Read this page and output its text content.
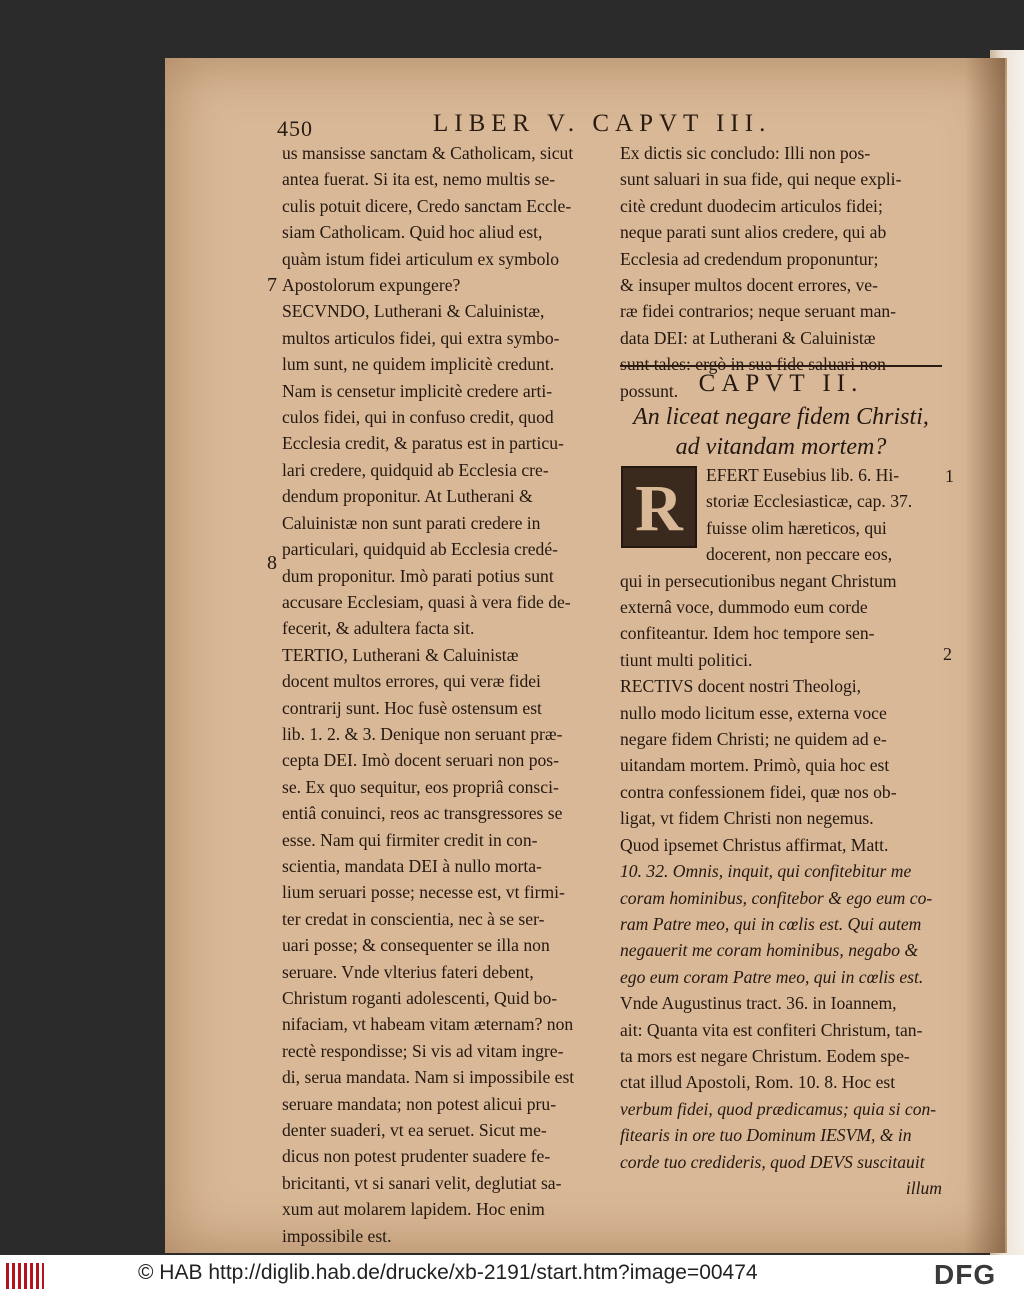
450	LIBER V. CAPVT III.
us mansisse sanctam & Catholicam, sicut
antea fuerat. Si ita est, nemo multis se-
culis potuit dicere, Credo sanctam Eccle-
siam Catholicam. Quid hoc aliud est,
quàm istum fidei articulum ex symbolo
Apostolorum expungere?
SECVNDO, Lutherani & Caluinistæ,
multos articulos fidei, qui extra symbo-
lum sunt, ne quidem implicitè credunt.
Nam is censetur implicitè credere arti-
culos fidei, qui in confuso credit, quod
Ecclesia credit, & paratus est in particu-
lari credere, quidquid ab Ecclesia cre-
dendum proponitur. At Lutherani &
Caluinistæ non sunt parati credere in
particulari, quidquid ab Ecclesia credé-
dum proponitur. Imò parati potius sunt
accusare Ecclesiam, quasi à vera fide de-
fecerit, & adultera facta sit.
TERTIO, Lutherani & Caluinistæ
docent multos errores, qui veræ fidei
contrarij sunt. Hoc fusè ostensum est
lib. 1. 2. & 3. Denique non seruant præ-
cepta DEI. Imò docent seruari non pos-
se. Ex quo sequitur, eos propriâ consci-
entiâ conuinci, reos ac transgressores se
esse. Nam qui firmiter credit in con-
scientia, mandata DEI à nullo morta-
lium seruari posse; necesse est, vt firmi-
ter credat in conscientia, nec à se ser-
uari posse; & consequenter se illa non
seruare. Vnde vlterius fateri debent,
Christum roganti adolescenti, Quid bo-
nifaciam, vt habeam vitam æternam? non
rectè respondisse; Si vis ad vitam ingre-
di, serua mandata. Nam si impossibile est
seruare mandata; non potest alicui pru-
denter suaderi, vt ea seruet. Sicut me-
dicus non potest prudenter suadere fe-
bricitanti, vt si sanari velit, deglutiat sa-
xum aut molarem lapidem. Hoc enim
impossibile est.
7
8
1
2
Ex dictis sic concludo: Illi non pos-
sunt saluari in sua fide, qui neque expli-
citè credunt duodecim articulos fidei;
neque parati sunt alios credere, qui ab
Ecclesia ad credendum proponuntur;
& insuper multos docent errores, ve-
ræ fidei contrarios; neque seruant man-
data DEI: at Lutherani & Caluinistæ
possunt. CAPVT II.
An liceat negare fidem Christi,
ad vitandam mortem?
R	EFERT Eusebius lib. 6. Hi-
storiæ Ecclesiasticæ, cap. 37.
fuisse olim hæreticos, qui
docerent, non peccare eos,
qui in persecutionibus negant Christum
externâ voce, dummodo eum corde
confiteantur. Idem hoc tempore sen-
tiunt multi politici.
RECTIVS docent nostri Theologi,
nullo modo licitum esse, externa voce
negare fidem Christi; ne quidem ad e-
uitandam mortem. Primò, quia hoc est
contra confessionem fidei, quæ nos ob-
ligat, vt fidem Christi non negemus.
Quod ipsemet Christus affirmat, Matt.
10. 32. Omnis, inquit, qui confitebitur me
coram hominibus, confitebor & ego eum co-
ram Patre meo, qui in cœlis est. Qui autem
negauerit me coram hominibus, negabo &
ego eum coram Patre meo, qui in cœlis est.
Vnde Augustinus tract. 36. in Ioannem,
ait: Quanta vita est confiteri Christum, tan-
ta mors est negare Christum. Eodem spe-
ctat illud Apostoli, Rom. 10. 8. Hoc est
verbum fidei, quod prædicamus; quia si con-
fitearis in ore tuo Dominum IESVM, & in
corde tuo credideris, quod DEVS suscitauit
illum
© HAB http://diglib.hab.de/drucke/xb-2191/start.htm?image=00474	DFG
